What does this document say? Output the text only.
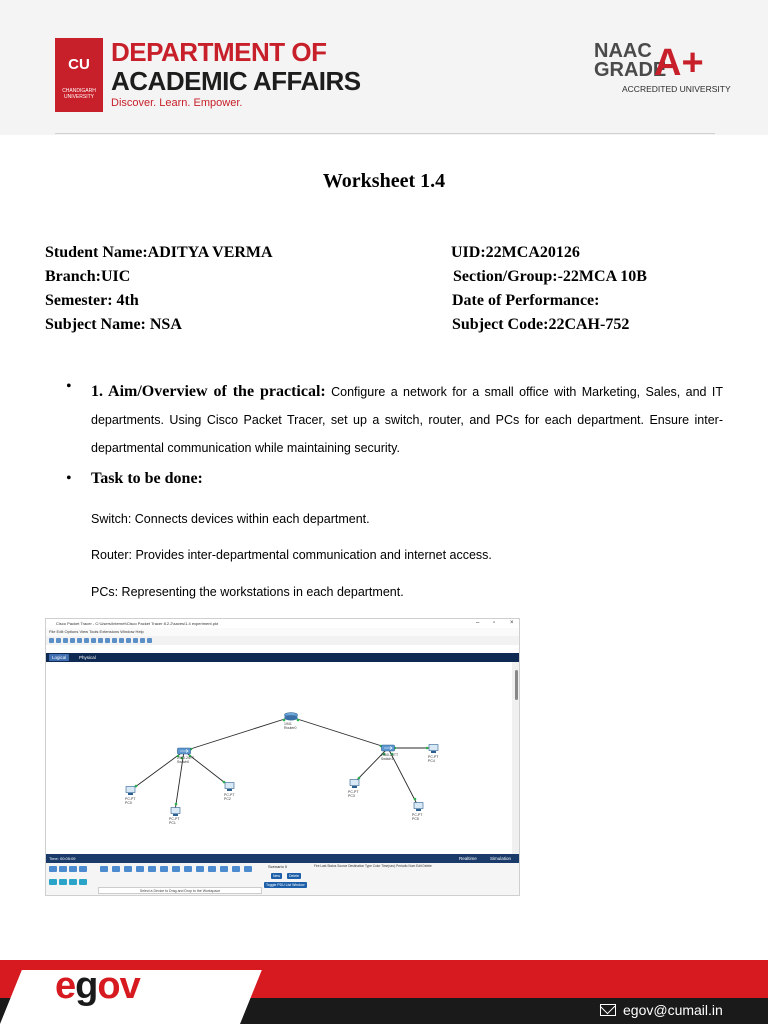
CU
CHANDIGARH UNIVERSITY
DEPARTMENT OF
ACADEMIC AFFAIRS
Discover. Learn. Empower.
NAAC
GRADE
A+
ACCREDITED UNIVERSITY
Worksheet 1.4
Student Name:ADITYA VERMA	UID:22MCA20126
Branch:UIC	Section/Group:-22MCA 10B
Semester: 4th	Date of Performance:
Subject Name: NSA	Subject Code:22CAH-752
• 1. Aim/Overview of the practical: Configure a network for a small office with Marketing, Sales, and IT departments. Using Cisco Packet Tracer, set up a switch, router, and PCs for each department. Ensure inter-departmental communication while maintaining security.
• Task to be done:
Switch: Connects devices within each department.
Router: Provides inter-departmental communication and internet access.
PCs: Representing the workstations in each department.
Cisco Packet Tracer - C:\Users\Internet\Cisco Packet Tracer 8.2.2\saves\1.4 experiment.pkt	– ▫ ×
File Edit Options View Tools Extensions Window Help
Logical	Physical
1941
Router0
2960-24TT
Switch0
2960-24TT
Switch1
PC-PT
PC0
PC-PT
PC1
PC-PT
PC2
PC-PT
PC3
PC-PT
PC4
PC-PT
PC5
Time: 00:05:09	Realtime	Simulation
Select a Device to Drag and Drop to the Workspace
Scenario 0
New	Delete
Toggle PDU List Window
Fire Last Status Source Destination Type Color Time(sec) Periodic Num Edit Delete
egov
egov@cumail.in
